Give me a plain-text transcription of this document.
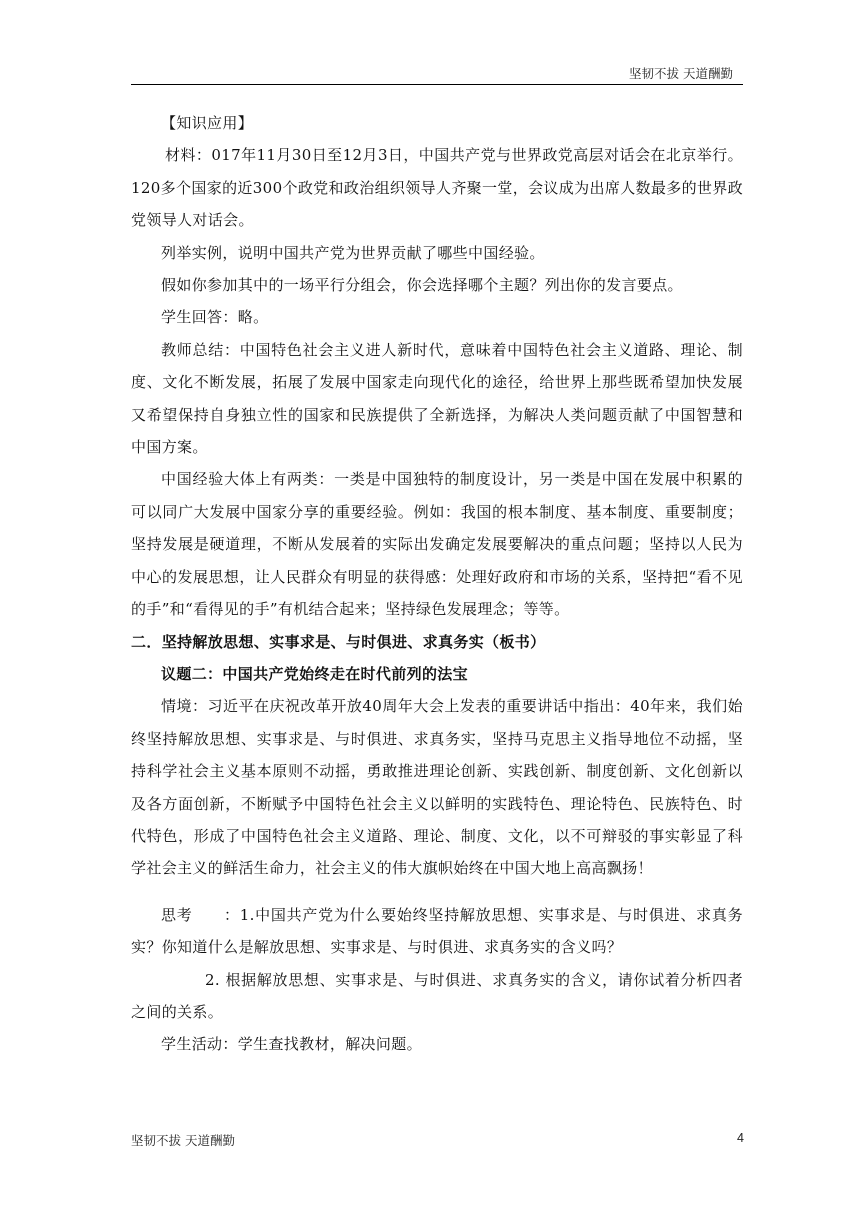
坚韧不拔 天道酬勤

【知识应用】

材料：017年11月30日至12月3日，中国共产党与世界政党高层对话会在北京举行。120多个国家的近300个政党和政治组织领导人齐聚一堂，会议成为出席人数最多的世界政党领导人对话会。

列举实例，说明中国共产党为世界贡献了哪些中国经验。

假如你参加其中的一场平行分组会，你会选择哪个主题？列出你的发言要点。

学生回答：略。

教师总结：中国特色社会主义进人新时代，意味着中国特色社会主义道路、理论、制度、文化不断发展，拓展了发展中国家走向现代化的途径，给世界上那些既希望加快发展又希望保持自身独立性的国家和民族提供了全新选择，为解决人类问题贡献了中国智慧和中国方案。

中国经验大体上有两类：一类是中国独特的制度设计，另一类是中国在发展中积累的可以同广大发展中国家分享的重要经验。例如：我国的根本制度、基本制度、重要制度；坚持发展是硬道理，不断从发展着的实际出发确定发展要解决的重点问题；坚持以人民为中心的发展思想，让人民群众有明显的获得感：处理好政府和市场的关系，坚持把“看不见的手”和“看得见的手”有机结合起来；坚持绿色发展理念；等等。

二．坚持解放思想、实事求是、与时俱进、求真务实（板书）

议题二：中国共产党始终走在时代前列的法宝

情境：习近平在庆祝改革开放40周年大会上发表的重要讲话中指出：40年来，我们始终坚持解放思想、实事求是、与时俱进、求真务实，坚持马克思主义指导地位不动摇，坚持科学社会主义基本原则不动摇，勇敢推进理论创新、实践创新、制度创新、文化创新以及各方面创新，不断赋予中国特色社会主义以鲜明的实践特色、理论特色、民族特色、时代特色，形成了中国特色社会主义道路、理论、制度、文化，以不可辩驳的事实彰显了科学社会主义的鲜活生命力，社会主义的伟大旗帜始终在中国大地上高高飘扬！

思考　　：1.中国共产党为什么要始终坚持解放思想、实事求是、与时俱进、求真务实？你知道什么是解放思想、实事求是、与时俱进、求真务实的含义吗？

2. 根据解放思想、实事求是、与时俱进、求真务实的含义，请你试着分析四者之间的关系。

学生活动：学生查找教材，解决问题。

坚韧不拔 天道酬勤	4
